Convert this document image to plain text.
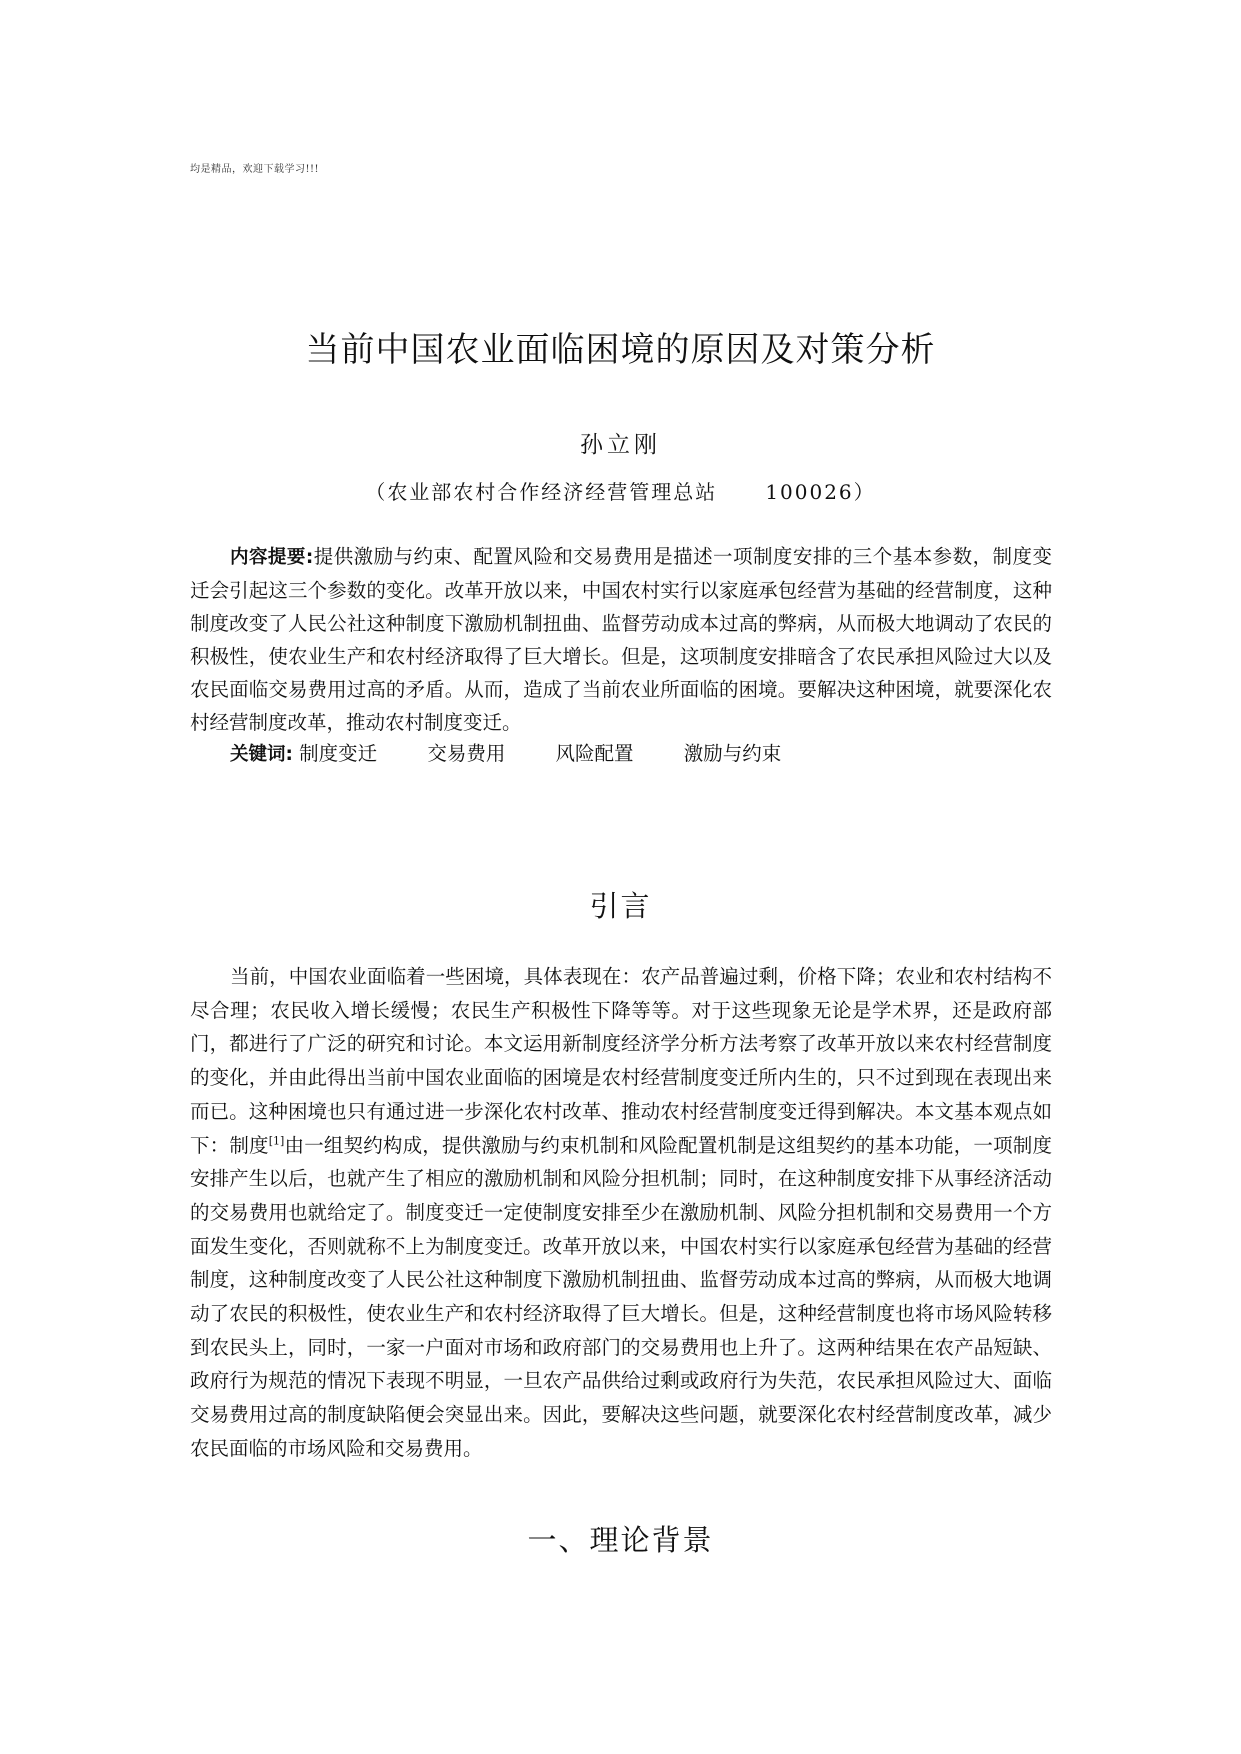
均是精品，欢迎下载学习!!!
当前中国农业面临困境的原因及对策分析
孙立刚
（农业部农村合作经济经营管理总站 100026）

内容提要:提供激励与约束、配置风险和交易费用是描述一项制度安排的三个基本参数，制度变迁会引起这三个参数的变化。改革开放以来，中国农村实行以家庭承包经营为基础的经营制度，这种制度改变了人民公社这种制度下激励机制扭曲、监督劳动成本过高的弊病，从而极大地调动了农民的积极性，使农业生产和农村经济取得了巨大增长。但是，这项制度安排暗含了农民承担风险过大以及农民面临交易费用过高的矛盾。从而，造成了当前农业所面临的困境。要解决这种困境，就要深化农村经营制度改革，推动农村制度变迁。

关键词: 制度变迁	交易费用	风险配置	激励与约束
引言

当前，中国农业面临着一些困境，具体表现在：农产品普遍过剩，价格下降；农业和农村结构不尽合理；农民收入增长缓慢；农民生产积极性下降等等。对于这些现象无论是学术界，还是政府部门，都进行了广泛的研究和讨论。本文运用新制度经济学分析方法考察了改革开放以来农村经营制度的变化，并由此得出当前中国农业面临的困境是农村经营制度变迁所内生的，只不过到现在表现出来而已。这种困境也只有通过进一步深化农村改革、推动农村经营制度变迁得到解决。本文基本观点如下：制度[1]由一组契约构成，提供激励与约束机制和风险配置机制是这组契约的基本功能，一项制度安排产生以后，也就产生了相应的激励机制和风险分担机制；同时，在这种制度安排下从事经济活动的交易费用也就给定了。制度变迁一定使制度安排至少在激励机制、风险分担机制和交易费用一个方面发生变化，否则就称不上为制度变迁。改革开放以来，中国农村实行以家庭承包经营为基础的经营制度，这种制度改变了人民公社这种制度下激励机制扭曲、监督劳动成本过高的弊病，从而极大地调动了农民的积极性，使农业生产和农村经济取得了巨大增长。但是，这种经营制度也将市场风险转移到农民头上，同时，一家一户面对市场和政府部门的交易费用也上升了。这两种结果在农产品短缺、政府行为规范的情况下表现不明显，一旦农产品供给过剩或政府行为失范，农民承担风险过大、面临交易费用过高的制度缺陷便会突显出来。因此，要解决这些问题，就要深化农村经营制度改革，减少农民面临的市场风险和交易费用。

一、理论背景
